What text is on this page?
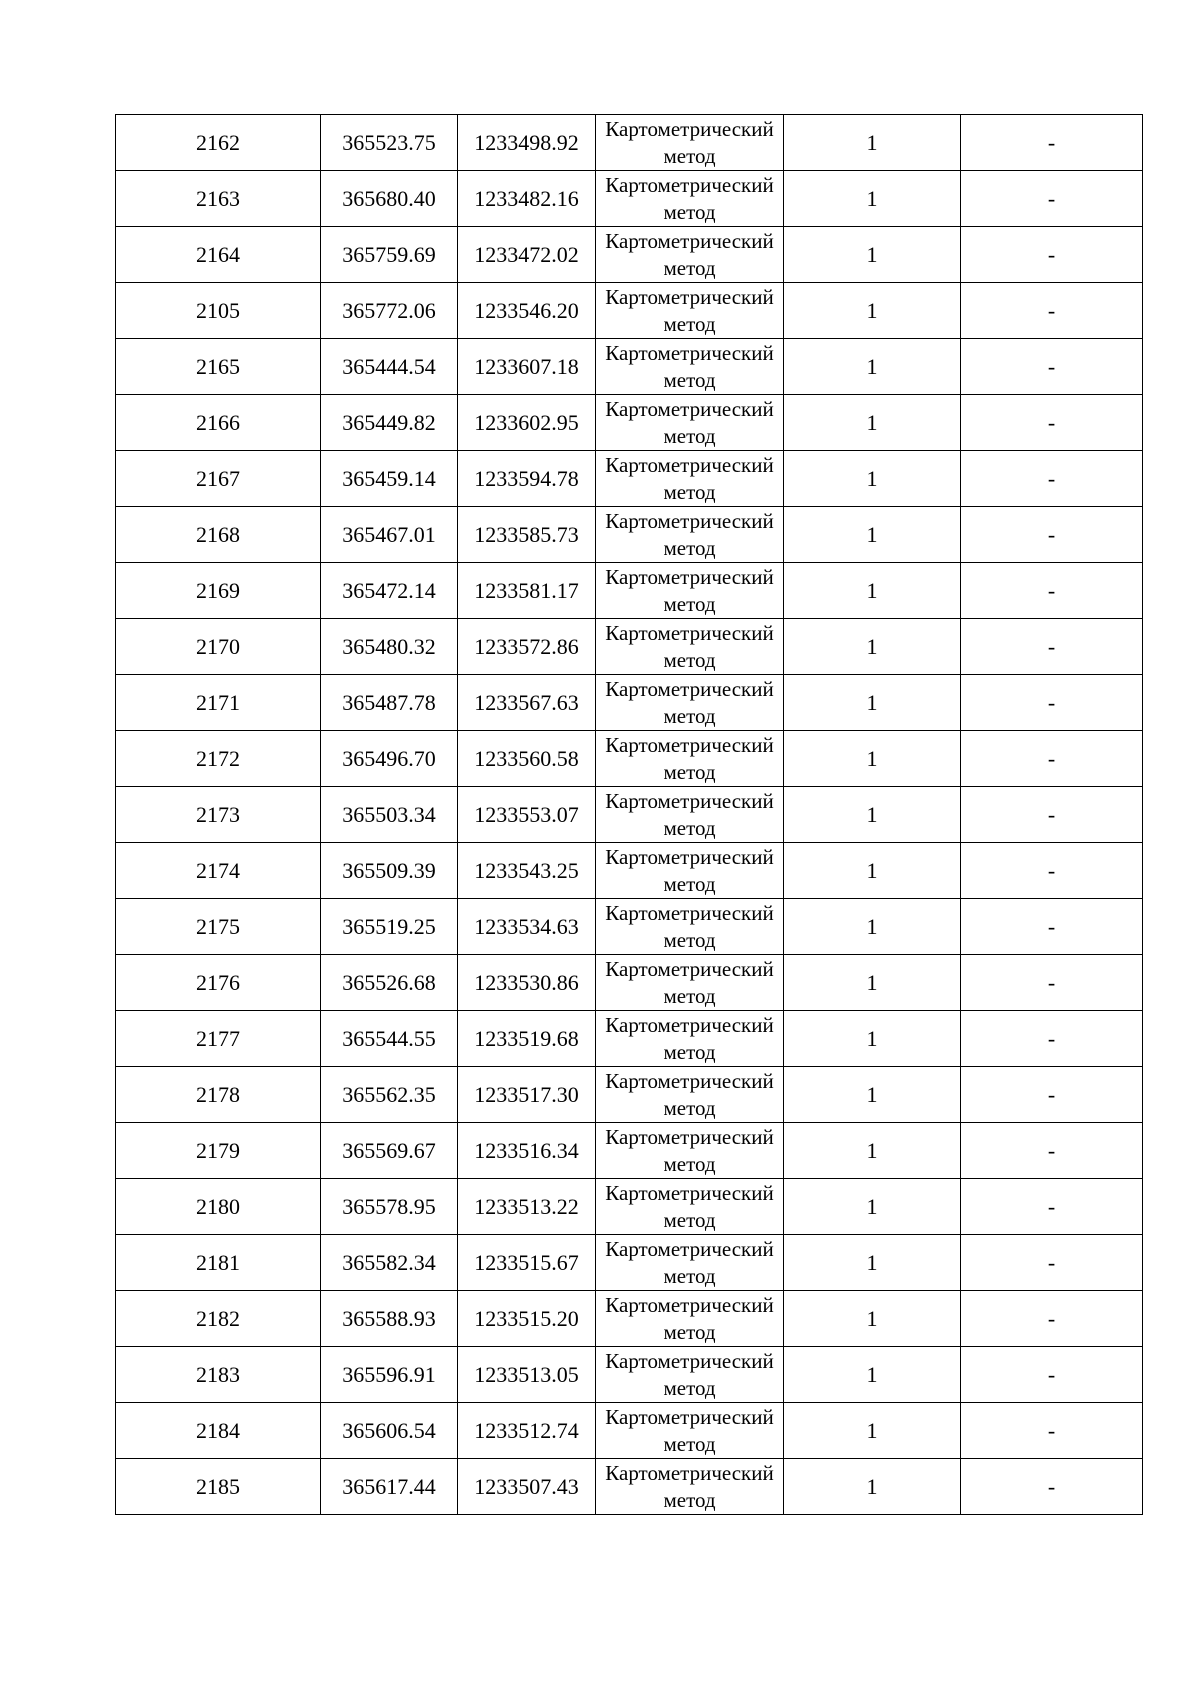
2162	365523.75	1233498.92	Картометрический метод	1	-
2163	365680.40	1233482.16	Картометрический метод	1	-
2164	365759.69	1233472.02	Картометрический метод	1	-
2105	365772.06	1233546.20	Картометрический метод	1	-
2165	365444.54	1233607.18	Картометрический метод	1	-
2166	365449.82	1233602.95	Картометрический метод	1	-
2167	365459.14	1233594.78	Картометрический метод	1	-
2168	365467.01	1233585.73	Картометрический метод	1	-
2169	365472.14	1233581.17	Картометрический метод	1	-
2170	365480.32	1233572.86	Картометрический метод	1	-
2171	365487.78	1233567.63	Картометрический метод	1	-
2172	365496.70	1233560.58	Картометрический метод	1	-
2173	365503.34	1233553.07	Картометрический метод	1	-
2174	365509.39	1233543.25	Картометрический метод	1	-
2175	365519.25	1233534.63	Картометрический метод	1	-
2176	365526.68	1233530.86	Картометрический метод	1	-
2177	365544.55	1233519.68	Картометрический метод	1	-
2178	365562.35	1233517.30	Картометрический метод	1	-
2179	365569.67	1233516.34	Картометрический метод	1	-
2180	365578.95	1233513.22	Картометрический метод	1	-
2181	365582.34	1233515.67	Картометрический метод	1	-
2182	365588.93	1233515.20	Картометрический метод	1	-
2183	365596.91	1233513.05	Картометрический метод	1	-
2184	365606.54	1233512.74	Картометрический метод	1	-
2185	365617.44	1233507.43	Картометрический метод	1	-
